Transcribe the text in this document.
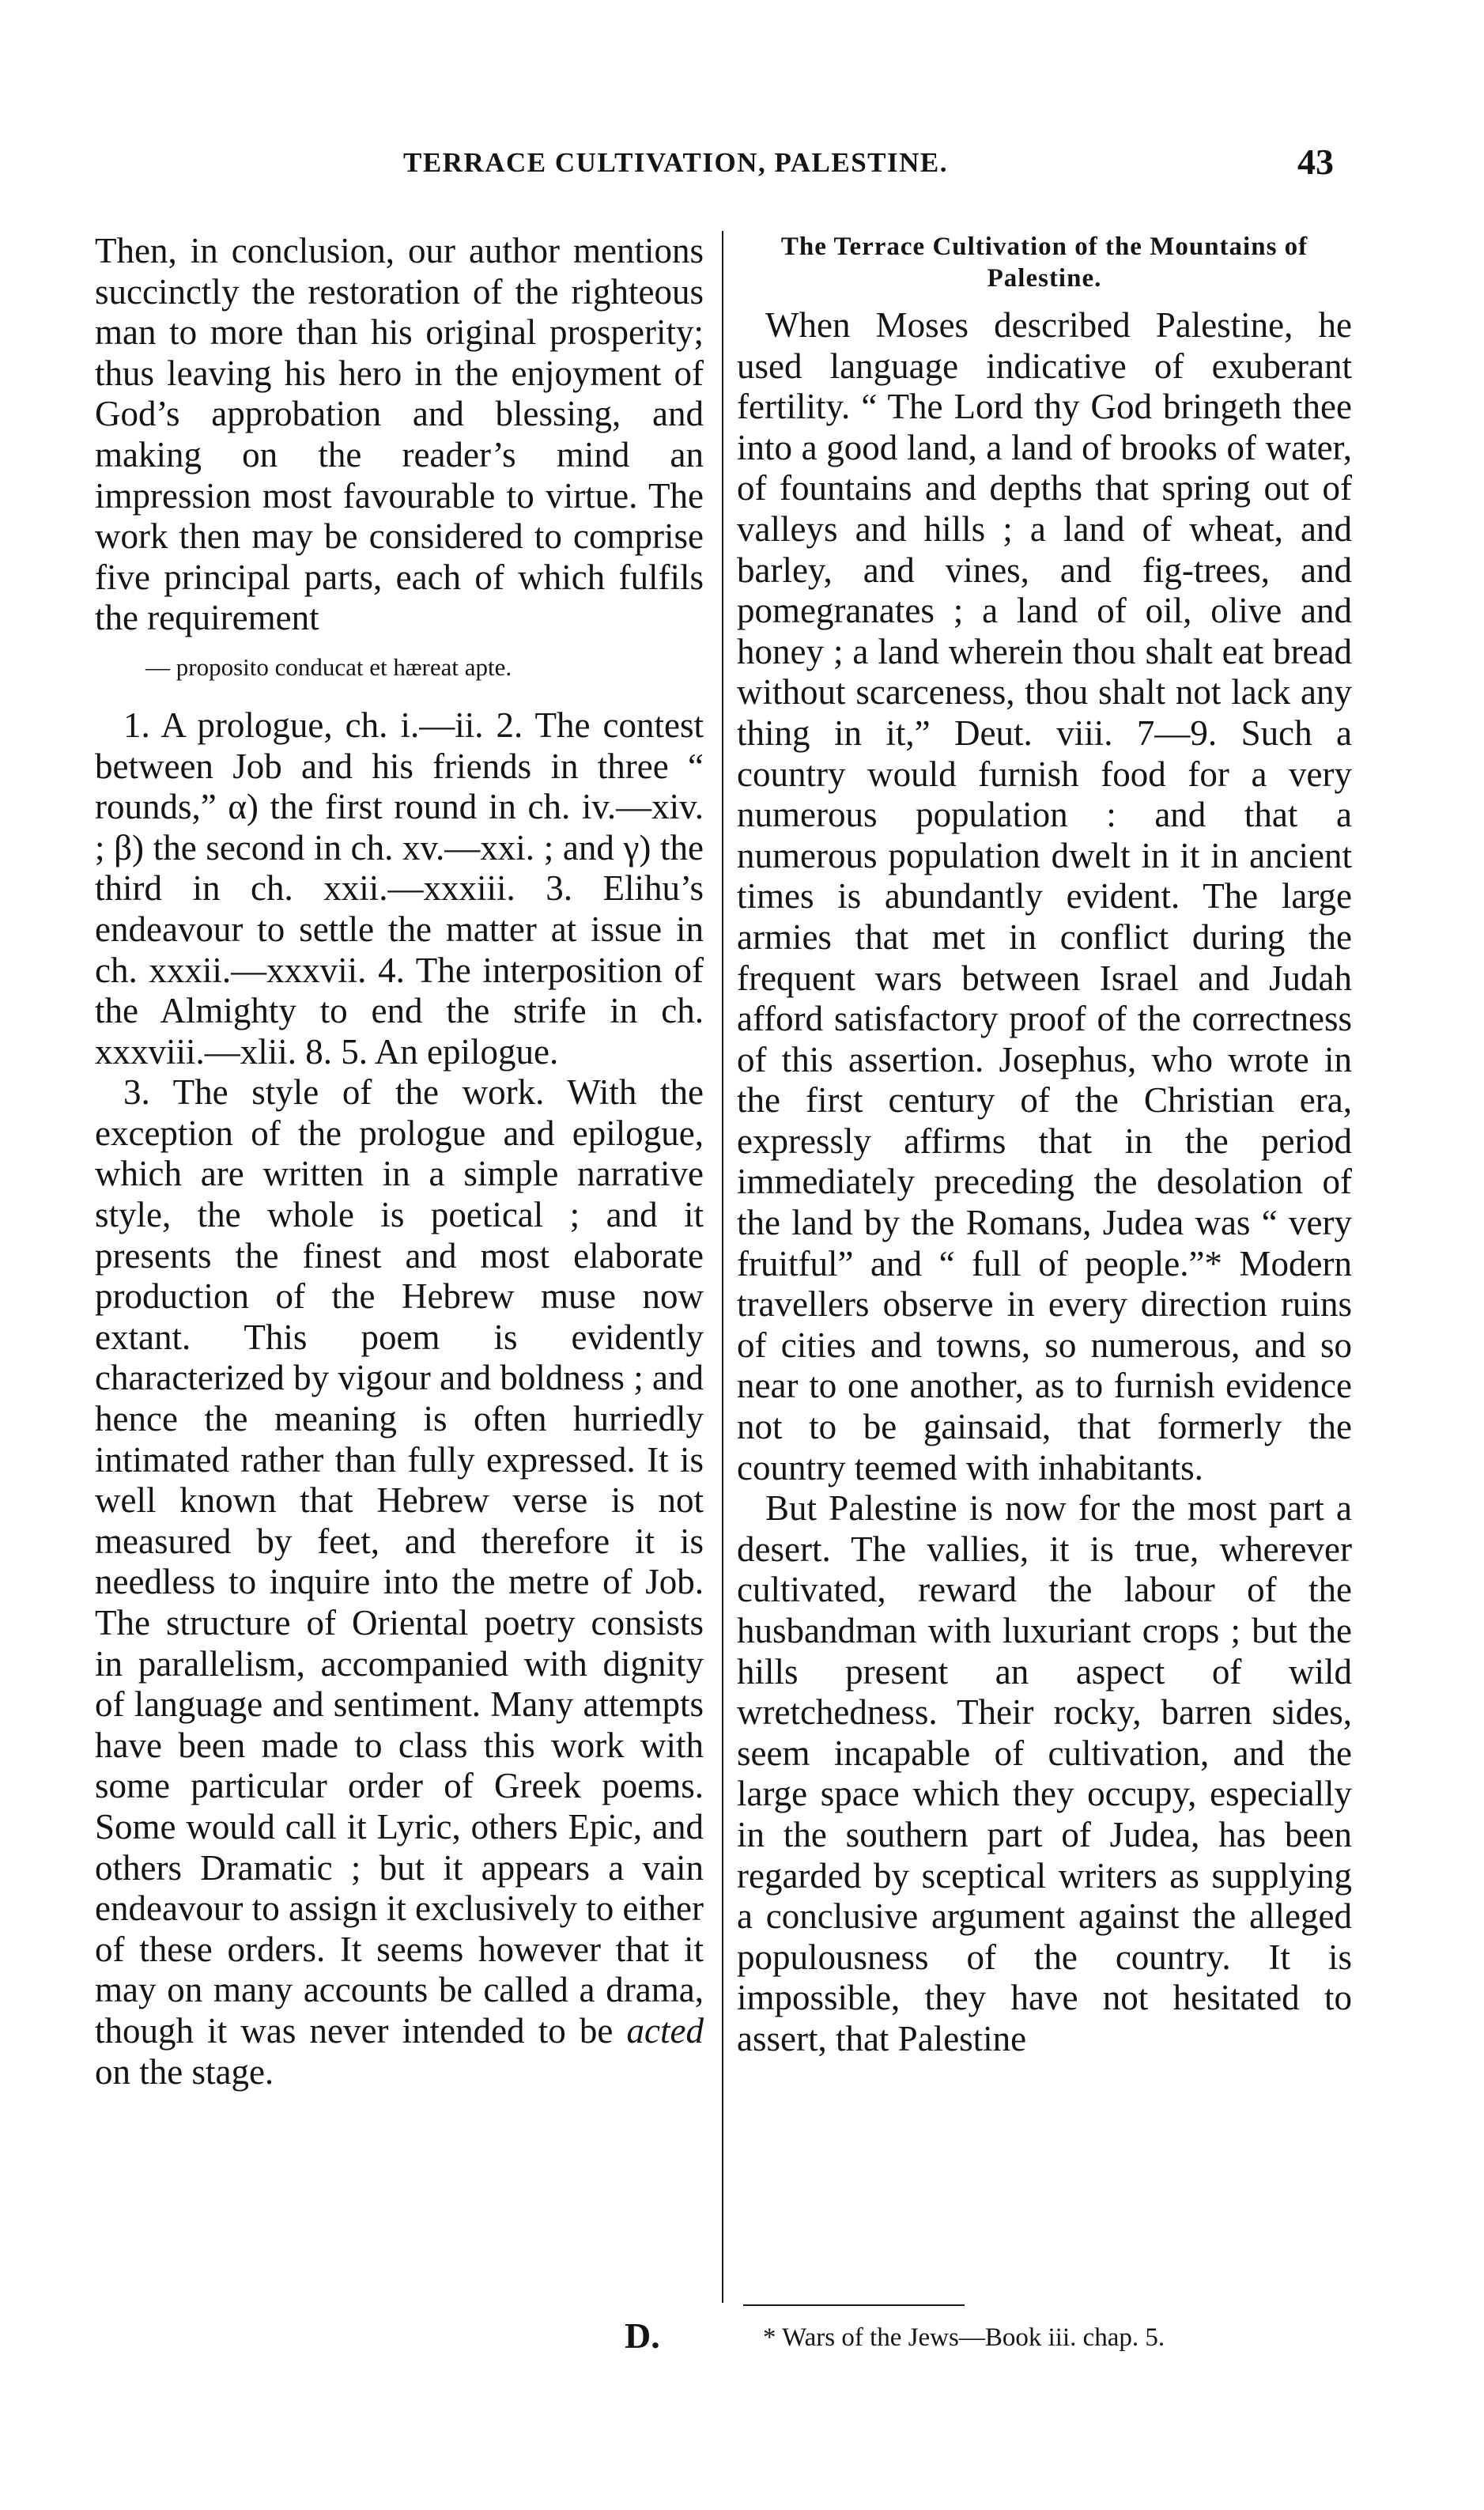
TERRACE CULTIVATION, PALESTINE.	43

Then, in conclusion, our author mentions succinctly the restoration of the righteous man to more than his original prosperity; thus leaving his hero in the enjoyment of God’s approbation and blessing, and making on the reader’s mind an impression most favourable to virtue. The work then may be considered to comprise five principal parts, each of which fulfils the requirement

— proposito conducat et hæreat apte.

1. A prologue, ch. i.—ii. 2. The contest between Job and his friends in three “ rounds,” α) the first round in ch. iv.—xiv. ; β) the second in ch. xv.—xxi. ; and γ) the third in ch. xxii.—xxxiii. 3. Elihu’s endeavour to settle the matter at issue in ch. xxxii.—xxxvii. 4. The interposition of the Almighty to end the strife in ch. xxxviii.—xlii. 8. 5. An epilogue.

3. The style of the work. With the exception of the prologue and epilogue, which are written in a simple narrative style, the whole is poetical ; and it presents the finest and most elaborate production of the Hebrew muse now extant. This poem is evidently characterized by vigour and boldness ; and hence the meaning is often hurriedly intimated rather than fully expressed. It is well known that Hebrew verse is not measured by feet, and therefore it is needless to inquire into the metre of Job. The structure of Oriental poetry consists in parallelism, accompanied with dignity of language and sentiment. Many attempts have been made to class this work with some particular order of Greek poems. Some would call it Lyric, others Epic, and others Dramatic ; but it appears a vain endeavour to assign it exclusively to either of these orders. It seems however that it may on many accounts be called a drama, though it was never intended to be acted on the stage.

The Terrace Cultivation of the Mountains of Palestine.

When Moses described Palestine, he used language indicative of exuberant fertility. “ The Lord thy God bringeth thee into a good land, a land of brooks of water, of fountains and depths that spring out of valleys and hills ; a land of wheat, and barley, and vines, and fig-trees, and pomegranates ; a land of oil, olive and honey ; a land wherein thou shalt eat bread without scarceness, thou shalt not lack any thing in it,” Deut. viii. 7—9. Such a country would furnish food for a very numerous population : and that a numerous population dwelt in it in ancient times is abundantly evident. The large armies that met in conflict during the frequent wars between Israel and Judah afford satisfactory proof of the correctness of this assertion. Josephus, who wrote in the first century of the Christian era, expressly affirms that in the period immediately preceding the desolation of the land by the Romans, Judea was “ very fruitful” and “ full of people.”* Modern travellers observe in every direction ruins of cities and towns, so numerous, and so near to one another, as to furnish evidence not to be gainsaid, that formerly the country teemed with inhabitants.

But Palestine is now for the most part a desert. The vallies, it is true, wherever cultivated, reward the labour of the husbandman with luxuriant crops ; but the hills present an aspect of wild wretchedness. Their rocky, barren sides, seem incapable of cultivation, and the large space which they occupy, especially in the southern part of Judea, has been regarded by sceptical writers as supplying a conclusive argument against the alleged populousness of the country. It is impossible, they have not hesitated to assert, that Palestine

D.	* Wars of the Jews—Book iii. chap. 5.
